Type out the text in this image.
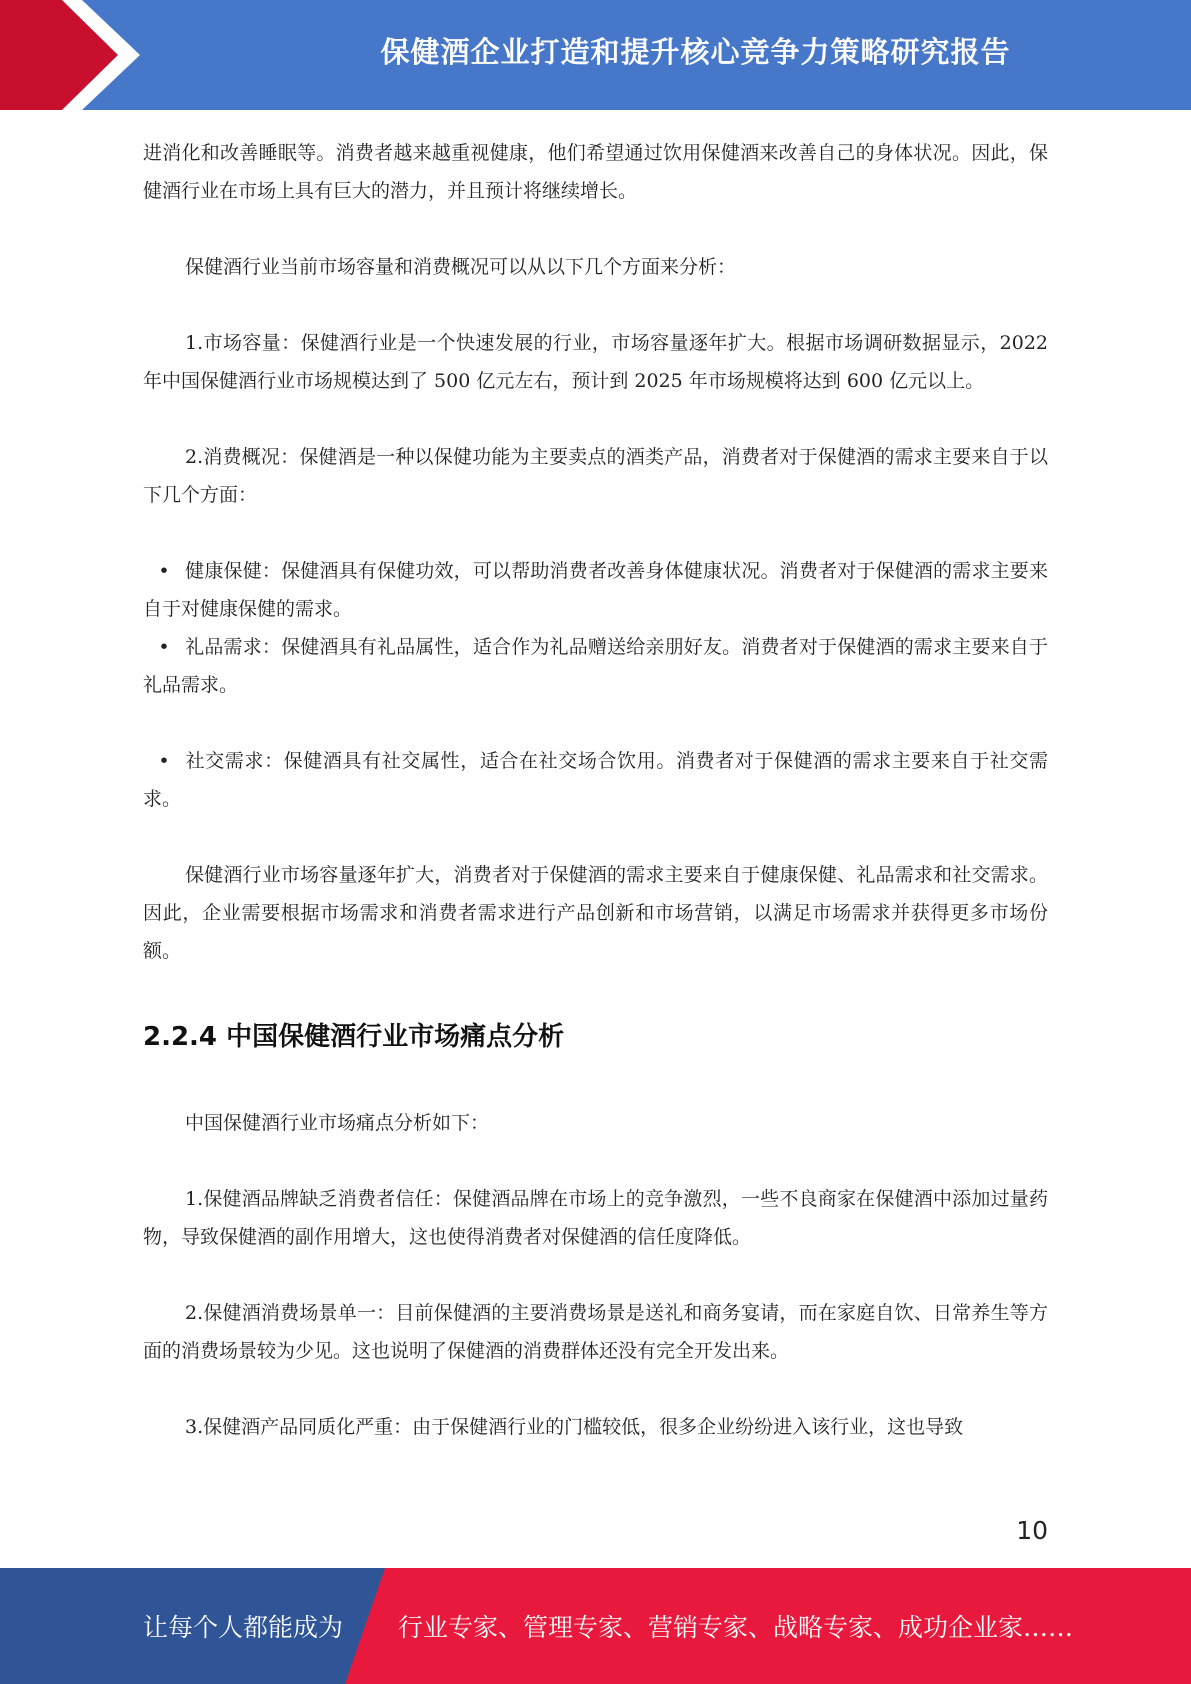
保健酒企业打造和提升核心竞争力策略研究报告

进消化和改善睡眠等。消费者越来越重视健康，他们希望通过饮用保健酒来改善自己的身体状况。因此，保健酒行业在市场上具有巨大的潜力，并且预计将继续增长。

保健酒行业当前市场容量和消费概况可以从以下几个方面来分析：

1.市场容量：保健酒行业是一个快速发展的行业，市场容量逐年扩大。根据市场调研数据显示，2022 年中国保健酒行业市场规模达到了 500 亿元左右，预计到 2025 年市场规模将达到 600 亿元以上。

2.消费概况：保健酒是一种以保健功能为主要卖点的酒类产品，消费者对于保健酒的需求主要来自于以下几个方面：

• 健康保健：保健酒具有保健功效，可以帮助消费者改善身体健康状况。消费者对于保健酒的需求主要来自于对健康保健的需求。

• 礼品需求：保健酒具有礼品属性，适合作为礼品赠送给亲朋好友。消费者对于保健酒的需求主要来自于礼品需求。

• 社交需求：保健酒具有社交属性，适合在社交场合饮用。消费者对于保健酒的需求主要来自于社交需求。

保健酒行业市场容量逐年扩大，消费者对于保健酒的需求主要来自于健康保健、礼品需求和社交需求。因此，企业需要根据市场需求和消费者需求进行产品创新和市场营销，以满足市场需求并获得更多市场份额。

2.2.4 中国保健酒行业市场痛点分析

中国保健酒行业市场痛点分析如下：

1.保健酒品牌缺乏消费者信任：保健酒品牌在市场上的竞争激烈，一些不良商家在保健酒中添加过量药物，导致保健酒的副作用增大，这也使得消费者对保健酒的信任度降低。

2.保健酒消费场景单一：目前保健酒的主要消费场景是送礼和商务宴请，而在家庭自饮、日常养生等方面的消费场景较为少见。这也说明了保健酒的消费群体还没有完全开发出来。

3.保健酒产品同质化严重：由于保健酒行业的门槛较低，很多企业纷纷进入该行业，这也导致

10
让每个人都能成为 行业专家、管理专家、营销专家、战略专家、成功企业家……
